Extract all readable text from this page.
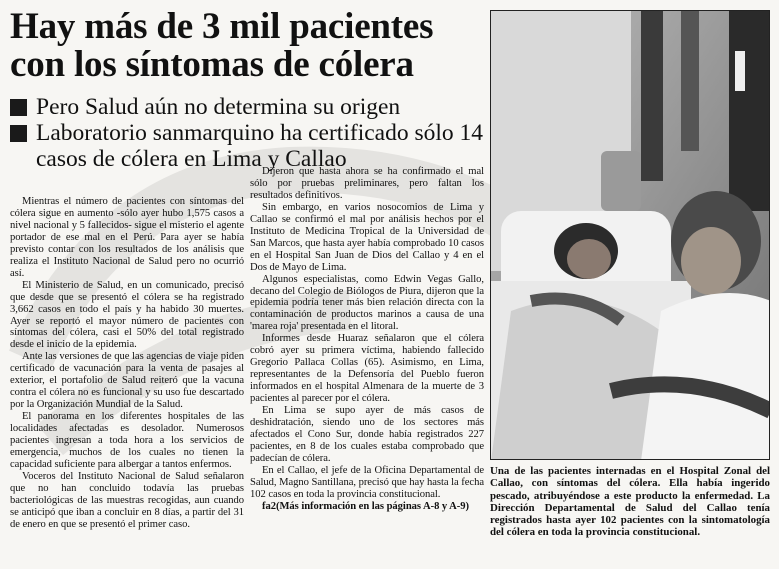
Hay más de 3 mil pacientes con los síntomas de cólera

Pero Salud aún no determina su origen

Laboratorio sanmarquino ha certificado sólo 14 casos de cólera en Lima y Callao

Mientras el número de pacientes con síntomas del cólera sigue en aumento -sólo ayer hubo 1,575 casos a nivel nacional y 5 fallecidos- sigue el misterio el agente portador de ese mal en el Perú. Para ayer se había previsto contar con los resultados de los análisis que realiza el Instituto Nacional de Salud pero no ocurrió así.

El Ministerio de Salud, en un comunicado, precisó que desde que se presentó el cólera se ha registrado 3,662 casos en todo el país y ha habido 30 muertes. Ayer se reportó el mayor número de pacientes con síntomas del cólera, casi el 50% del total registrado desde el inicio de la epidemia.

Ante las versiones de que las agencias de viaje piden certificado de vacunación para la venta de pasajes al exterior, el portafolio de Salud reiteró que la vacuna contra el cólera no es funcional y su uso fue descartado por la Organización Mundial de la Salud.

El panorama en los diferentes hospitales de las localidades afectadas es desolador. Numerosos pacientes ingresan a toda hora a los servicios de emergencia, muchos de los cuales no tienen la capacidad suficiente para albergar a tantos enfermos.

Voceros del Instituto Nacional de Salud señalaron que no han concluido todavía las pruebas bacteriológicas de las muestras recogidas, aun cuando se anticipó que iban a concluir en 8 días, a partir del 31 de enero en que se presentó el primer caso.

Dijeron que hasta ahora se ha confirmado el mal sólo por pruebas preliminares, pero faltan los resultados definitivos.

Sin embargo, en varios nosocomios de Lima y Callao se confirmó el mal por análisis hechos por el Instituto de Medicina Tropical de la Universidad de San Marcos, que hasta ayer había comprobado 10 casos en el Hospital San Juan de Dios del Callao y 4 en el Dos de Mayo de Lima.

Algunos especialistas, como Edwin Vegas Gallo, decano del Colegio de Biólogos de Piura, dijeron que la epidemia podría tener más bien relación directa con la contaminación de productos marinos a causa de una 'marea roja' presentada en el litoral.

Informes desde Huaraz señalaron que el cólera cobró ayer su primera víctima, habiendo fallecido Gregorio Pallaca Collas (65). Asimismo, en Lima, representantes de la Defensoría del Pueblo fueron informados en el hospital Almenara de la muerte de 3 pacientes al parecer por el cólera.

En Lima se supo ayer de más casos de deshidratación, siendo uno de los sectores más afectados el Cono Sur, donde había registrados 227 pacientes, en 8 de los cuales estaba comprobado que padecían de cólera.

En el Callao, el jefe de la Oficina Departamental de Salud, Magno Santillana, precisó que hay hasta la fecha 102 casos en toda la provincia constitucional.

fa2(Más información en las páginas A-8 y A-9)

Una de las pacientes internadas en el Hospital Zonal del Callao, con síntomas del cólera. Ella había ingerido pescado, atribuyéndose a este producto la enfermedad. La Dirección Departamental de Salud del Callao tenía registrados hasta ayer 102 pacientes con la sintomatología del cólera en toda la provincia constitucional.
